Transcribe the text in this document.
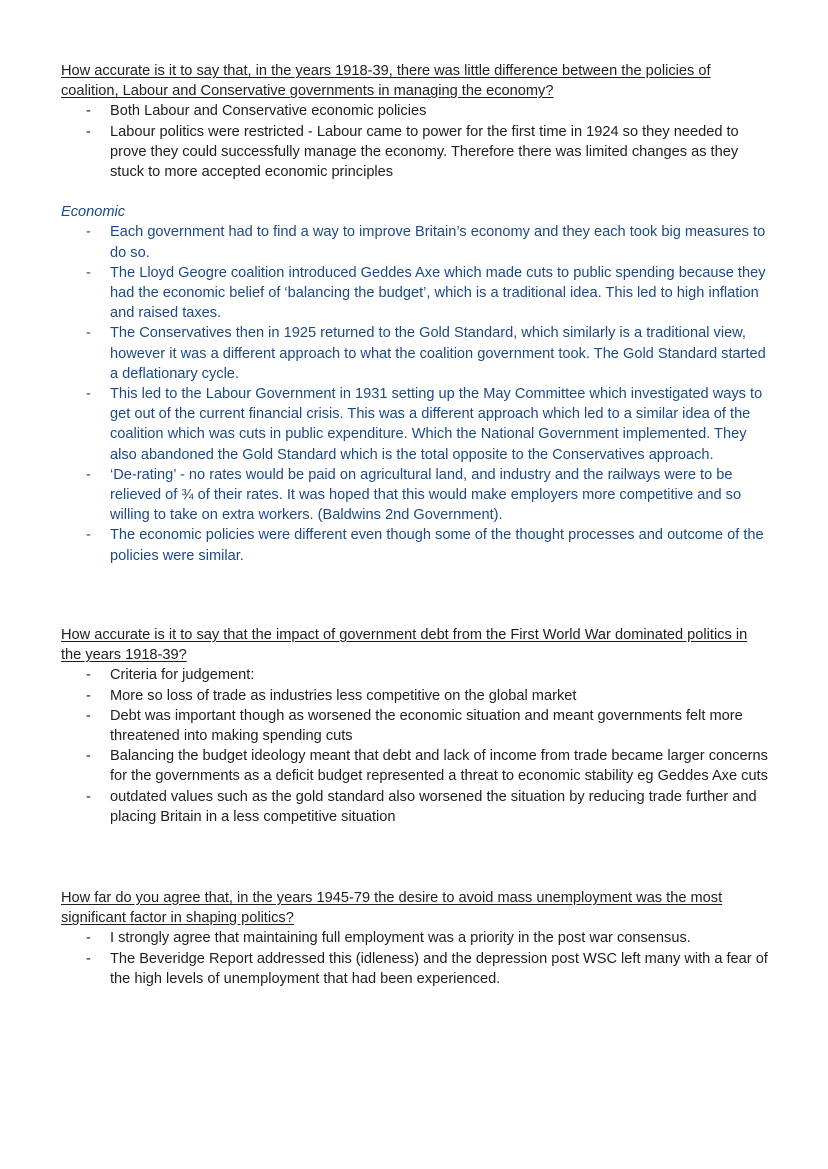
How accurate is it to say that, in the years 1918-39, there was little difference between the policies of coalition, Labour and Conservative governments in managing the economy?

- Both Labour and Conservative economic policies
- Labour politics were restricted - Labour came to power for the first time in 1924 so they needed to prove they could successfully manage the economy. Therefore there was limited changes as they stuck to more accepted economic principles

Economic

- Each government had to find a way to improve Britain’s economy and they each took big measures to do so.
- The Lloyd Geogre coalition introduced Geddes Axe which made cuts to public spending because they had the economic belief of ‘balancing the budget’, which is a traditional idea. This led to high inflation and raised taxes.
- The Conservatives then in 1925 returned to the Gold Standard, which similarly is a traditional view, however it was a different approach to what the coalition government took. The Gold Standard started a deflationary cycle.
- This led to the Labour Government in 1931 setting up the May Committee which investigated ways to get out of the current financial crisis. This was a different approach which led to a similar idea of the coalition which was cuts in public expenditure. Which the National Government implemented. They also abandoned the Gold Standard which is the total opposite to the Conservatives approach.
- ‘De-rating’ - no rates would be paid on agricultural land, and industry and the railways were to be relieved of ¾ of their rates. It was hoped that this would make employers more competitive and so willing to take on extra workers. (Baldwins 2nd Government).
- The economic policies were different even though some of the thought processes and outcome of the policies were similar.

How accurate is it to say that the impact of government debt from the First World War dominated politics in the years 1918-39?

- Criteria for judgement:
- More so loss of trade as industries less competitive on the global market
- Debt was important though as worsened the economic situation and meant governments felt more threatened into making spending cuts
- Balancing the budget ideology meant that debt and lack of income from trade became larger concerns for the governments as a deficit budget represented a threat to economic stability eg Geddes Axe cuts
- outdated values such as the gold standard also worsened the situation by reducing trade further and placing Britain in a less competitive situation

How far do you agree that, in the years 1945-79 the desire to avoid mass unemployment was the most significant factor in shaping politics?

- I strongly agree that maintaining full employment was a priority in the post war consensus.
- The Beveridge Report addressed this (idleness) and the depression post WSC left many with a fear of the high levels of unemployment that had been experienced.
